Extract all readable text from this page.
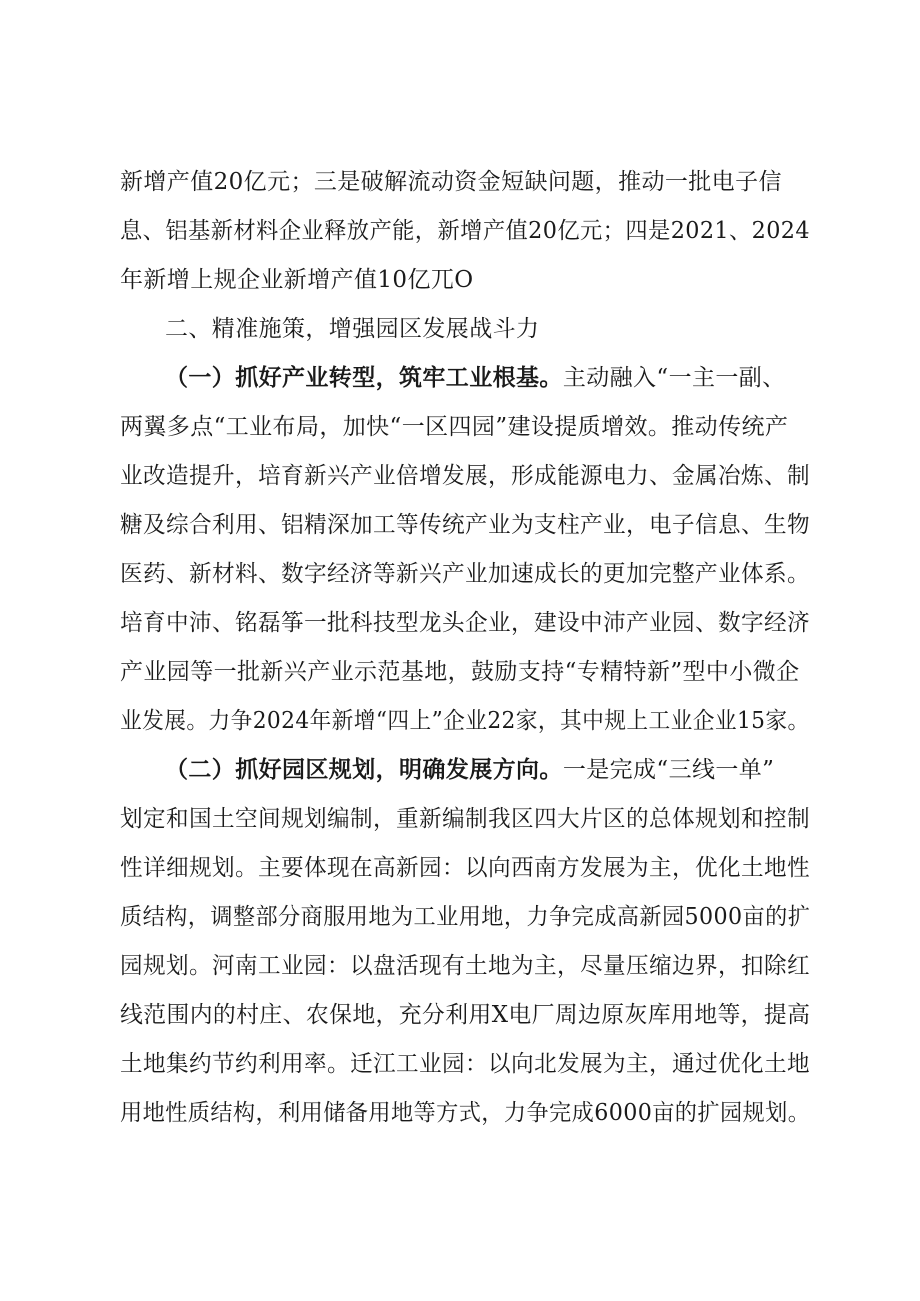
新增产值20亿元；三是破解流动资金短缺问题，推动一批电子信
息、铝基新材料企业释放产能，新增产值20亿元；四是2021、2024
年新增上规企业新增产值10亿兀O
二、精准施策，增强园区发展战斗力
（一）抓好产业转型，筑牢工业根基。主动融入“一主一副、
两翼多点“工业布局，加快“一区四园”建设提质增效。推动传统产
业改造提升，培育新兴产业倍增发展，形成能源电力、金属冶炼、制
糖及综合利用、铝精深加工等传统产业为支柱产业，电子信息、生物
医药、新材料、数字经济等新兴产业加速成长的更加完整产业体系。
培育中沛、铭磊筝一批科技型龙头企业，建设中沛产业园、数字经济
产业园等一批新兴产业示范基地，鼓励支持“专精特新”型中小微企
业发展。力争2024年新增“四上”企业22家，其中规上工业企业15家。
（二）抓好园区规划，明确发展方向。一是完成“三线一单”
划定和国土空间规划编制，重新编制我区四大片区的总体规划和控制
性详细规划。主要体现在高新园：以向西南方发展为主，优化土地性
质结构，调整部分商服用地为工业用地，力争完成高新园5000亩的扩
园规划。河南工业园：以盘活现有土地为主，尽量压缩边界，扣除红
线范围内的村庄、农保地，充分利用X电厂周边原灰库用地等，提高
土地集约节约利用率。迁江工业园：以向北发展为主，通过优化土地
用地性质结构，利用储备用地等方式，力争完成6000亩的扩园规划。
